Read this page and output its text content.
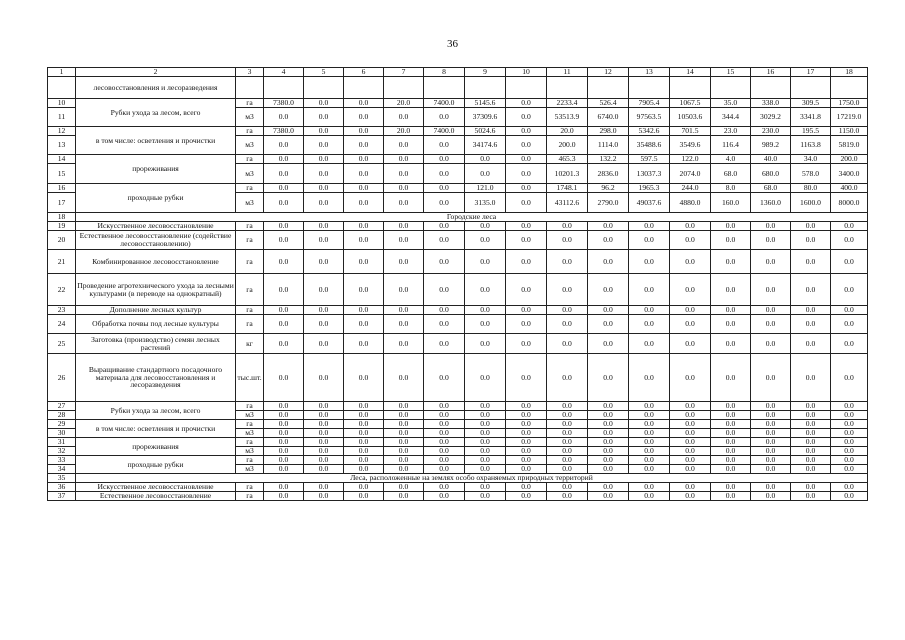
36
1	2	3	4	5	6	7	8	9	10	11	12	13	14	15	16	17	18
	лесовосстановления и лесоразведения																
10	Рубки ухода за лесом, всего	га	7380.0	0.0	0.0	20.0	7400.0	5145.6	0.0	2233.4	526.4	7905.4	1067.5	35.0	338.0	309.5	1750.0
11		м3	0.0	0.0	0.0	0.0	0.0	37309.6	0.0	53513.9	6740.0	97563.5	10503.6	344.4	3029.2	3341.8	17219.0
12	в том числе: осветления и прочистки	га	7380.0	0.0	0.0	20.0	7400.0	5024.6	0.0	20.0	298.0	5342.6	701.5	23.0	230.0	195.5	1150.0
13		м3	0.0	0.0	0.0	0.0	0.0	34174.6	0.0	200.0	1114.0	35488.6	3549.6	116.4	989.2	1163.8	5819.0
14	прореживания	га	0.0	0.0	0.0	0.0	0.0	0.0	0.0	465.3	132.2	597.5	122.0	4.0	40.0	34.0	200.0
15		м3	0.0	0.0	0.0	0.0	0.0	0.0	0.0	10201.3	2836.0	13037.3	2074.0	68.0	680.0	578.0	3400.0
16	проходные рубки	га	0.0	0.0	0.0	0.0	0.0	121.0	0.0	1748.1	96.2	1965.3	244.0	8.0	68.0	80.0	400.0
17		м3	0.0	0.0	0.0	0.0	0.0	3135.0	0.0	43112.6	2790.0	49037.6	4880.0	160.0	1360.0	1600.0	8000.0
18	Городские леса																
19	Искусственное лесовосстановление	га	0.0	0.0	0.0	0.0	0.0	0.0	0.0	0.0	0.0	0.0	0.0	0.0	0.0	0.0	0.0
20	Естественное лесовосстановление (содействие лесовосстановлению)	га	0.0	0.0	0.0	0.0	0.0	0.0	0.0	0.0	0.0	0.0	0.0	0.0	0.0	0.0	0.0
21	Комбинированное лесовосстановление	га	0.0	0.0	0.0	0.0	0.0	0.0	0.0	0.0	0.0	0.0	0.0	0.0	0.0	0.0	0.0
22	Проведение агротехнического ухода за лесными культурами (в переводе на однократный)	га	0.0	0.0	0.0	0.0	0.0	0.0	0.0	0.0	0.0	0.0	0.0	0.0	0.0	0.0	0.0
23	Дополнение лесных культур	га	0.0	0.0	0.0	0.0	0.0	0.0	0.0	0.0	0.0	0.0	0.0	0.0	0.0	0.0	0.0
24	Обработка почвы под лесные культуры	га	0.0	0.0	0.0	0.0	0.0	0.0	0.0	0.0	0.0	0.0	0.0	0.0	0.0	0.0	0.0
25	Заготовка (производство) семян лесных растений	кг	0.0	0.0	0.0	0.0	0.0	0.0	0.0	0.0	0.0	0.0	0.0	0.0	0.0	0.0	0.0
26	Выращивание стандартного посадочного материала для лесовосстановления и лесоразведения	тыс.шт.	0.0	0.0	0.0	0.0	0.0	0.0	0.0	0.0	0.0	0.0	0.0	0.0	0.0	0.0	0.0
27	Рубки ухода за лесом, всего	га	0.0	0.0	0.0	0.0	0.0	0.0	0.0	0.0	0.0	0.0	0.0	0.0	0.0	0.0	0.0
28		м3	0.0	0.0	0.0	0.0	0.0	0.0	0.0	0.0	0.0	0.0	0.0	0.0	0.0	0.0	0.0
29	в том числе: осветления и прочистки	га	0.0	0.0	0.0	0.0	0.0	0.0	0.0	0.0	0.0	0.0	0.0	0.0	0.0	0.0	0.0
30		м3	0.0	0.0	0.0	0.0	0.0	0.0	0.0	0.0	0.0	0.0	0.0	0.0	0.0	0.0	0.0
31	прореживания	га	0.0	0.0	0.0	0.0	0.0	0.0	0.0	0.0	0.0	0.0	0.0	0.0	0.0	0.0	0.0
32		м3	0.0	0.0	0.0	0.0	0.0	0.0	0.0	0.0	0.0	0.0	0.0	0.0	0.0	0.0	0.0
33	проходные рубки	га	0.0	0.0	0.0	0.0	0.0	0.0	0.0	0.0	0.0	0.0	0.0	0.0	0.0	0.0	0.0
34		м3	0.0	0.0	0.0	0.0	0.0	0.0	0.0	0.0	0.0	0.0	0.0	0.0	0.0	0.0	0.0
35	Леса, расположенные на землях особо охраняемых природных территорий																
36	Искусственное лесовосстановление	га	0.0	0.0	0.0	0.0	0.0	0.0	0.0	0.0	0.0	0.0	0.0	0.0	0.0	0.0	0.0
37	Естественное лесовосстановление	га	0.0	0.0	0.0	0.0	0.0	0.0	0.0	0.0	0.0	0.0	0.0	0.0	0.0	0.0	0.0
